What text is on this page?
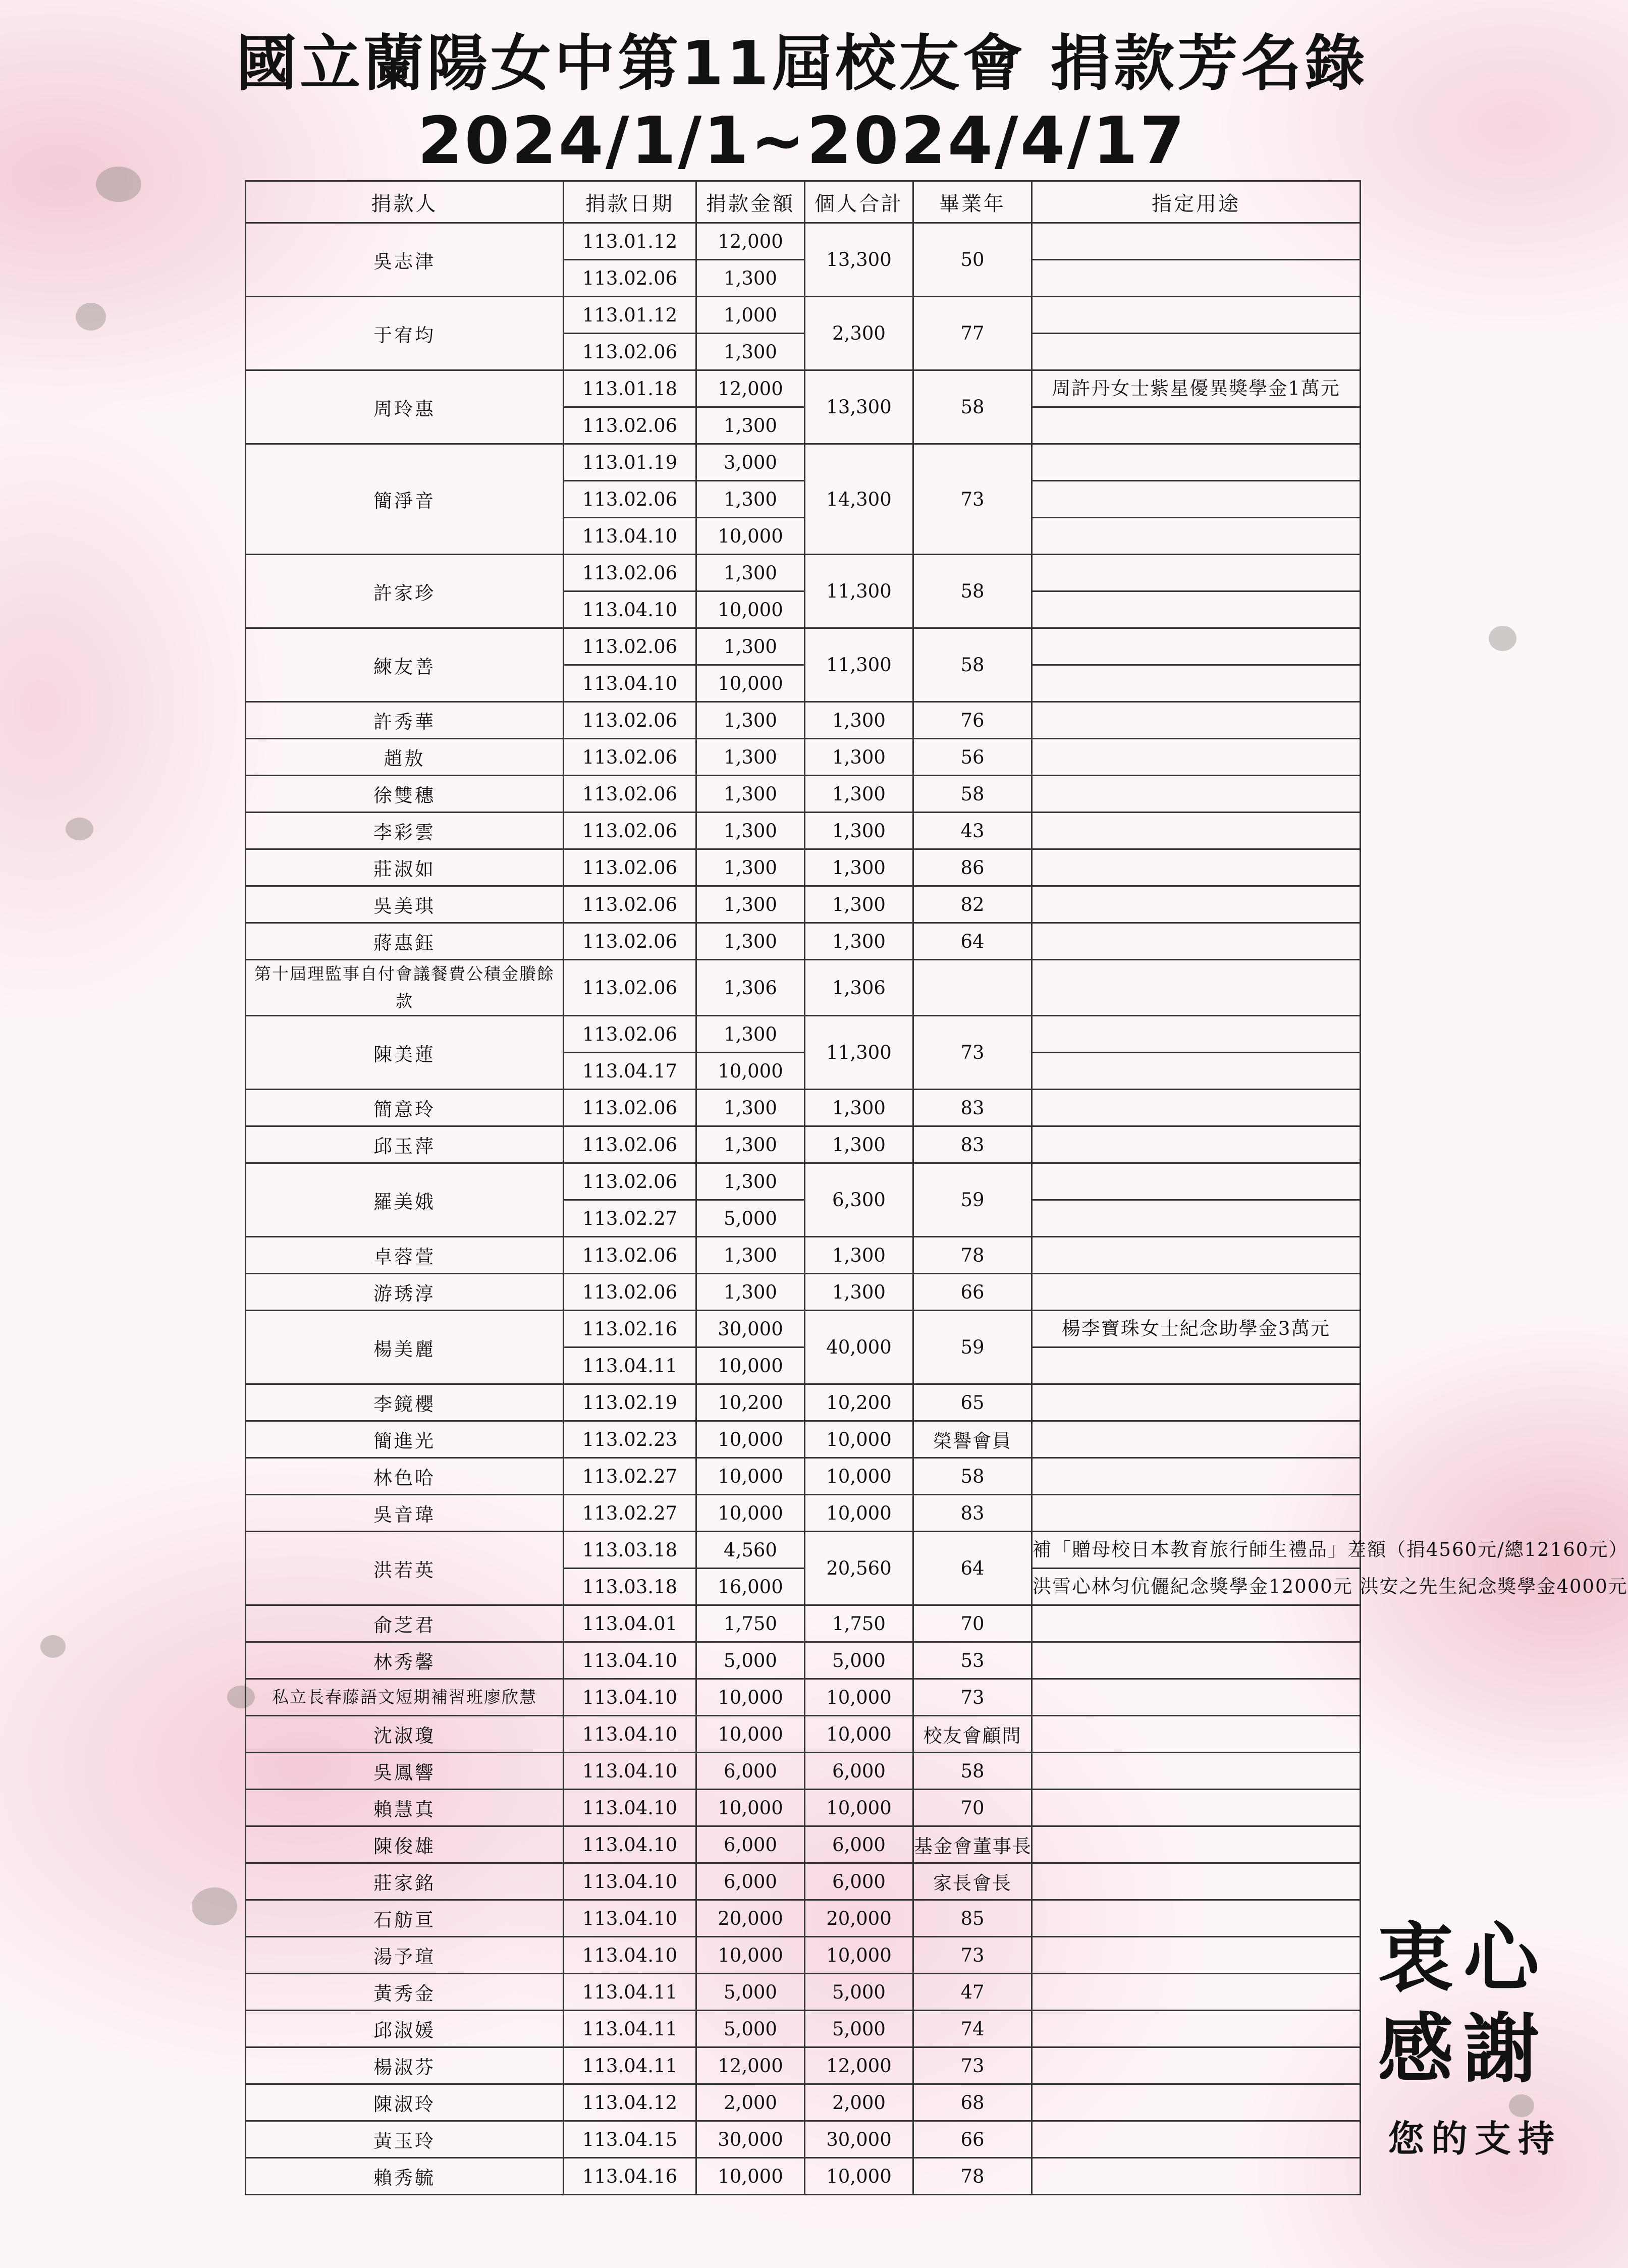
國立蘭陽女中第11屆校友會 捐款芳名錄
2024/1/1~2024/4/17
捐款人	捐款日期	捐款金額	個人合計	畢業年	指定用途
吳志津	113.01.12	12,000	13,300	50	
	113.02.06	1,300			
于宥均	113.01.12	1,000	2,300	77	
	113.02.06	1,300			
周玲惠	113.01.18	12,000	13,300	58	周許丹女士紫星優異獎學金1萬元
	113.02.06	1,300			
簡淨音	113.01.19	3,000	14,300	73	
	113.02.06	1,300			
	113.04.10	10,000			
許家珍	113.02.06	1,300	11,300	58	
	113.04.10	10,000			
練友善	113.02.06	1,300	11,300	58	
	113.04.10	10,000			
許秀華	113.02.06	1,300	1,300	76	
趙敖	113.02.06	1,300	1,300	56	
徐雙穗	113.02.06	1,300	1,300	58	
李彩雲	113.02.06	1,300	1,300	43	
莊淑如	113.02.06	1,300	1,300	86	
吳美琪	113.02.06	1,300	1,300	82	
蔣惠鈺	113.02.06	1,300	1,300	64	
第十屆理監事自付會議餐費公積金賸餘款	113.02.06	1,306	1,306		
陳美蓮	113.02.06	1,300	11,300	73	
	113.04.17	10,000			
簡意玲	113.02.06	1,300	1,300	83	
邱玉萍	113.02.06	1,300	1,300	83	
羅美娥	113.02.06	1,300	6,300	59	
	113.02.27	5,000			
卓蓉萱	113.02.06	1,300	1,300	78	
游琇淳	113.02.06	1,300	1,300	66	
楊美麗	113.02.16	30,000	40,000	59	楊李寶珠女士紀念助學金3萬元
	113.04.11	10,000			
李鏡櫻	113.02.19	10,200	10,200	65	
簡進光	113.02.23	10,000	10,000	榮譽會員	
林色哈	113.02.27	10,000	10,000	58	
吳音瑋	113.02.27	10,000	10,000	83	
洪若英	113.03.18	4,560	20,560	64	補「贈母校日本教育旅行師生禮品」差額（捐4560元/總12160元）
	113.03.18	16,000			洪雪心林匀伉儷紀念獎學金12000元 洪安之先生紀念獎學金4000元
俞芝君	113.04.01	1,750	1,750	70	
林秀馨	113.04.10	5,000	5,000	53	
私立長春藤語文短期補習班廖欣慧	113.04.10	10,000	10,000	73	
沈淑瓊	113.04.10	10,000	10,000	校友會顧問	
吳鳳響	113.04.10	6,000	6,000	58	
賴慧真	113.04.10	10,000	10,000	70	
陳俊雄	113.04.10	6,000	6,000	基金會董事長	
莊家銘	113.04.10	6,000	6,000	家長會長	
石舫亘	113.04.10	20,000	20,000	85	
湯予瑄	113.04.10	10,000	10,000	73	
黃秀金	113.04.11	5,000	5,000	47	
邱淑媛	113.04.11	5,000	5,000	74	
楊淑芬	113.04.11	12,000	12,000	73	
陳淑玲	113.04.12	2,000	2,000	68	
黃玉玲	113.04.15	30,000	30,000	66	
賴秀毓	113.04.16	10,000	10,000	78	

衷心

感謝

您的支持
